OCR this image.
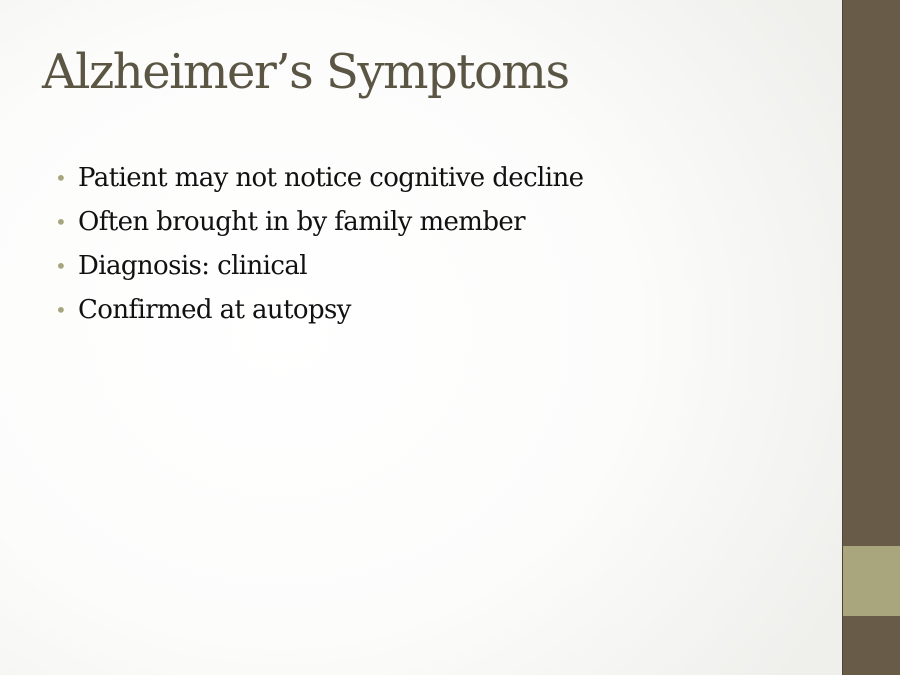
Alzheimer’s Symptoms
• Patient may not notice cognitive decline
• Often brought in by family member
• Diagnosis: clinical
• Confirmed at autopsy
